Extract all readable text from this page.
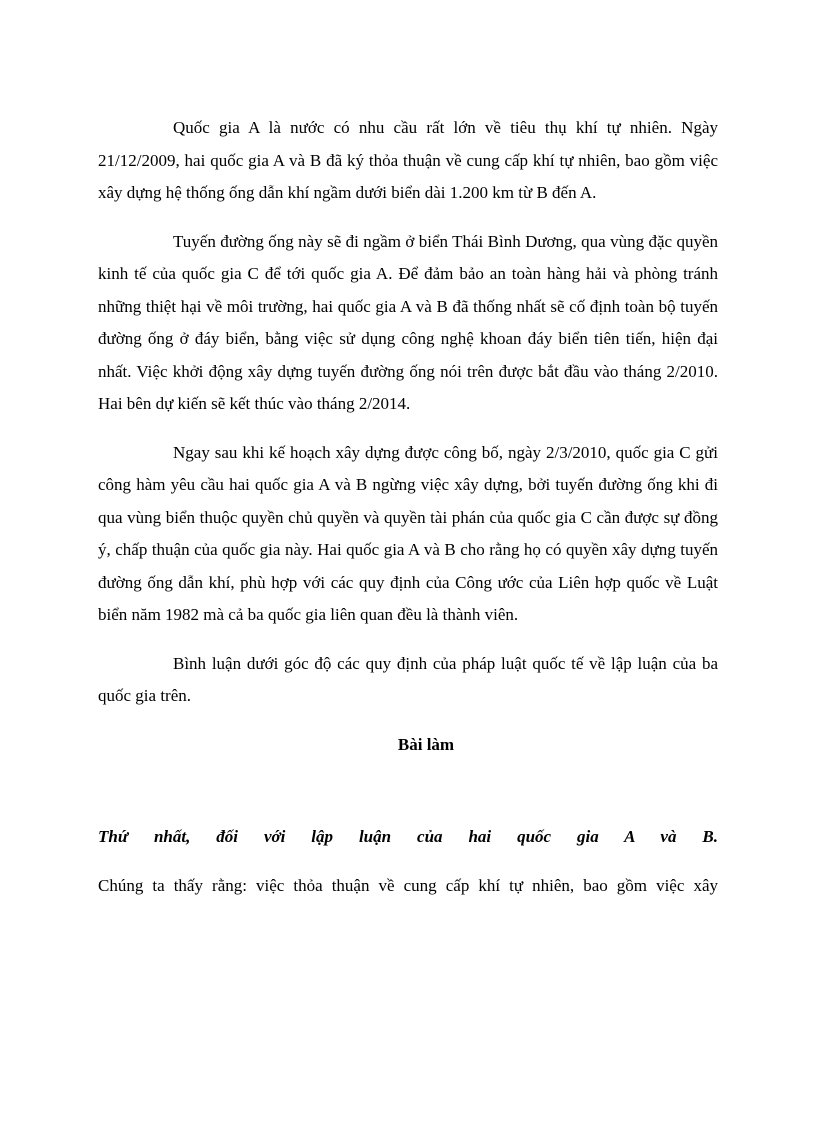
Quốc gia A là nước có nhu cầu rất lớn về tiêu thụ khí tự nhiên. Ngày 21/12/2009, hai quốc gia A và B đã ký thỏa thuận về cung cấp khí tự nhiên, bao gồm việc xây dựng hệ thống ống dẫn khí ngầm dưới biển dài 1.200 km từ B đến A.

Tuyến đường ống này sẽ đi ngầm ở biển Thái Bình Dương, qua vùng đặc quyền kinh tế của quốc gia C để tới quốc gia A. Để đảm bảo an toàn hàng hải và phòng tránh những thiệt hại về môi trường, hai quốc gia A và B đã thống nhất sẽ cố định toàn bộ tuyến đường ống ở đáy biển, bằng việc sử dụng công nghệ khoan đáy biển tiên tiến, hiện đại nhất. Việc khởi động xây dựng tuyến đường ống nói trên được bắt đầu vào tháng 2/2010. Hai bên dự kiến sẽ kết thúc vào tháng 2/2014.

Ngay sau khi kế hoạch xây dựng được công bố, ngày 2/3/2010, quốc gia C gửi công hàm yêu cầu hai quốc gia A và B ngừng việc xây dựng, bởi tuyến đường ống khi đi qua vùng biển thuộc quyền chủ quyền và quyền tài phán của quốc gia C cần được sự đồng ý, chấp thuận của quốc gia này. Hai quốc gia A và B cho rằng họ có quyền xây dựng tuyến đường ống dẫn khí, phù hợp với các quy định của Công ước của Liên hợp quốc về Luật biển năm 1982 mà cả ba quốc gia liên quan đều là thành viên.

Bình luận dưới góc độ các quy định của pháp luật quốc tế về lập luận của ba quốc gia trên.

Bài làm

Thứ nhất, đối với lập luận của hai quốc gia A và B.

Chúng ta thấy rằng: việc thỏa thuận về cung cấp khí tự nhiên, bao gồm việc xây
